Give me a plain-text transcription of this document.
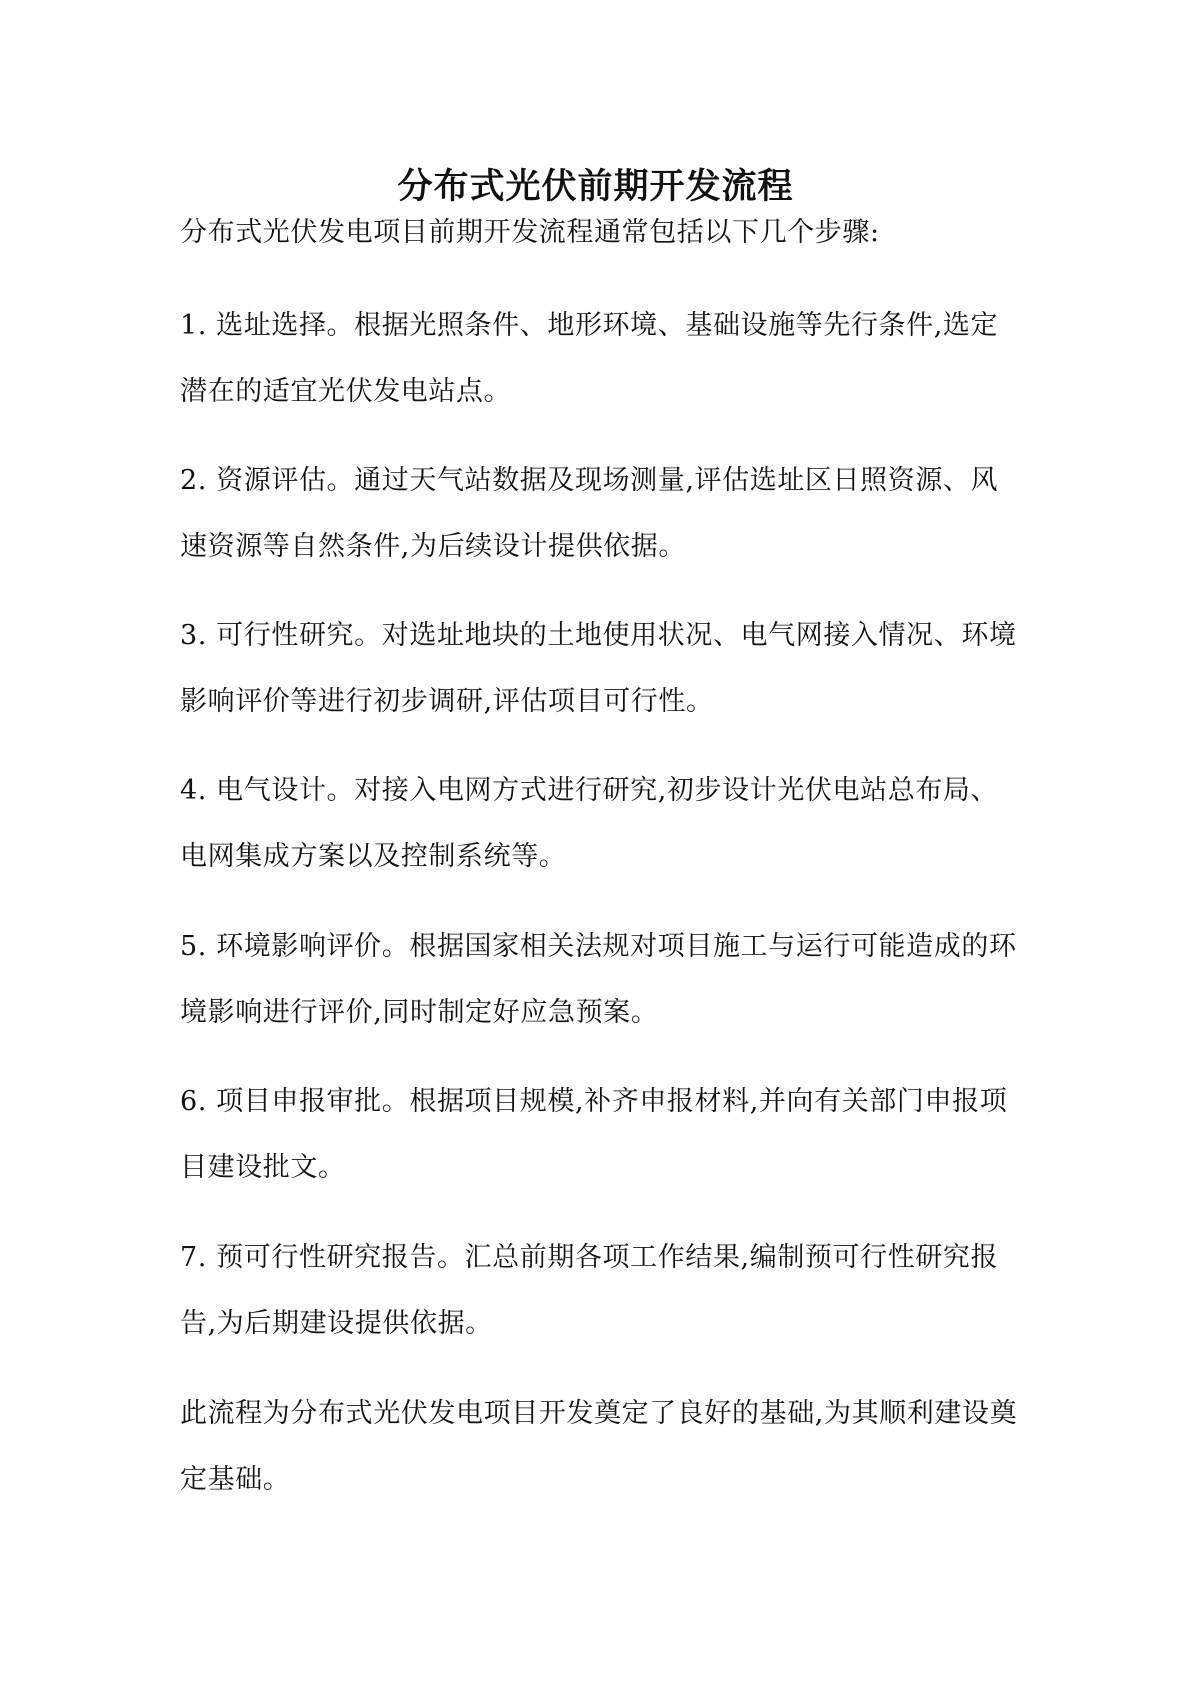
分布式光伏前期开发流程

分布式光伏发电项目前期开发流程通常包括以下几个步骤:

1. 选址选择。根据光照条件、地形环境、基础设施等先行条件,选定潜在的适宜光伏发电站点。

2. 资源评估。通过天气站数据及现场测量,评估选址区日照资源、风速资源等自然条件,为后续设计提供依据。

3. 可行性研究。对选址地块的土地使用状况、电气网接入情况、环境影响评价等进行初步调研,评估项目可行性。

4. 电气设计。对接入电网方式进行研究,初步设计光伏电站总布局、电网集成方案以及控制系统等。

5. 环境影响评价。根据国家相关法规对项目施工与运行可能造成的环境影响进行评价,同时制定好应急预案。

6. 项目申报审批。根据项目规模,补齐申报材料,并向有关部门申报项目建设批文。

7. 预可行性研究报告。汇总前期各项工作结果,编制预可行性研究报告,为后期建设提供依据。

此流程为分布式光伏发电项目开发奠定了良好的基础,为其顺利建设奠定基础。
